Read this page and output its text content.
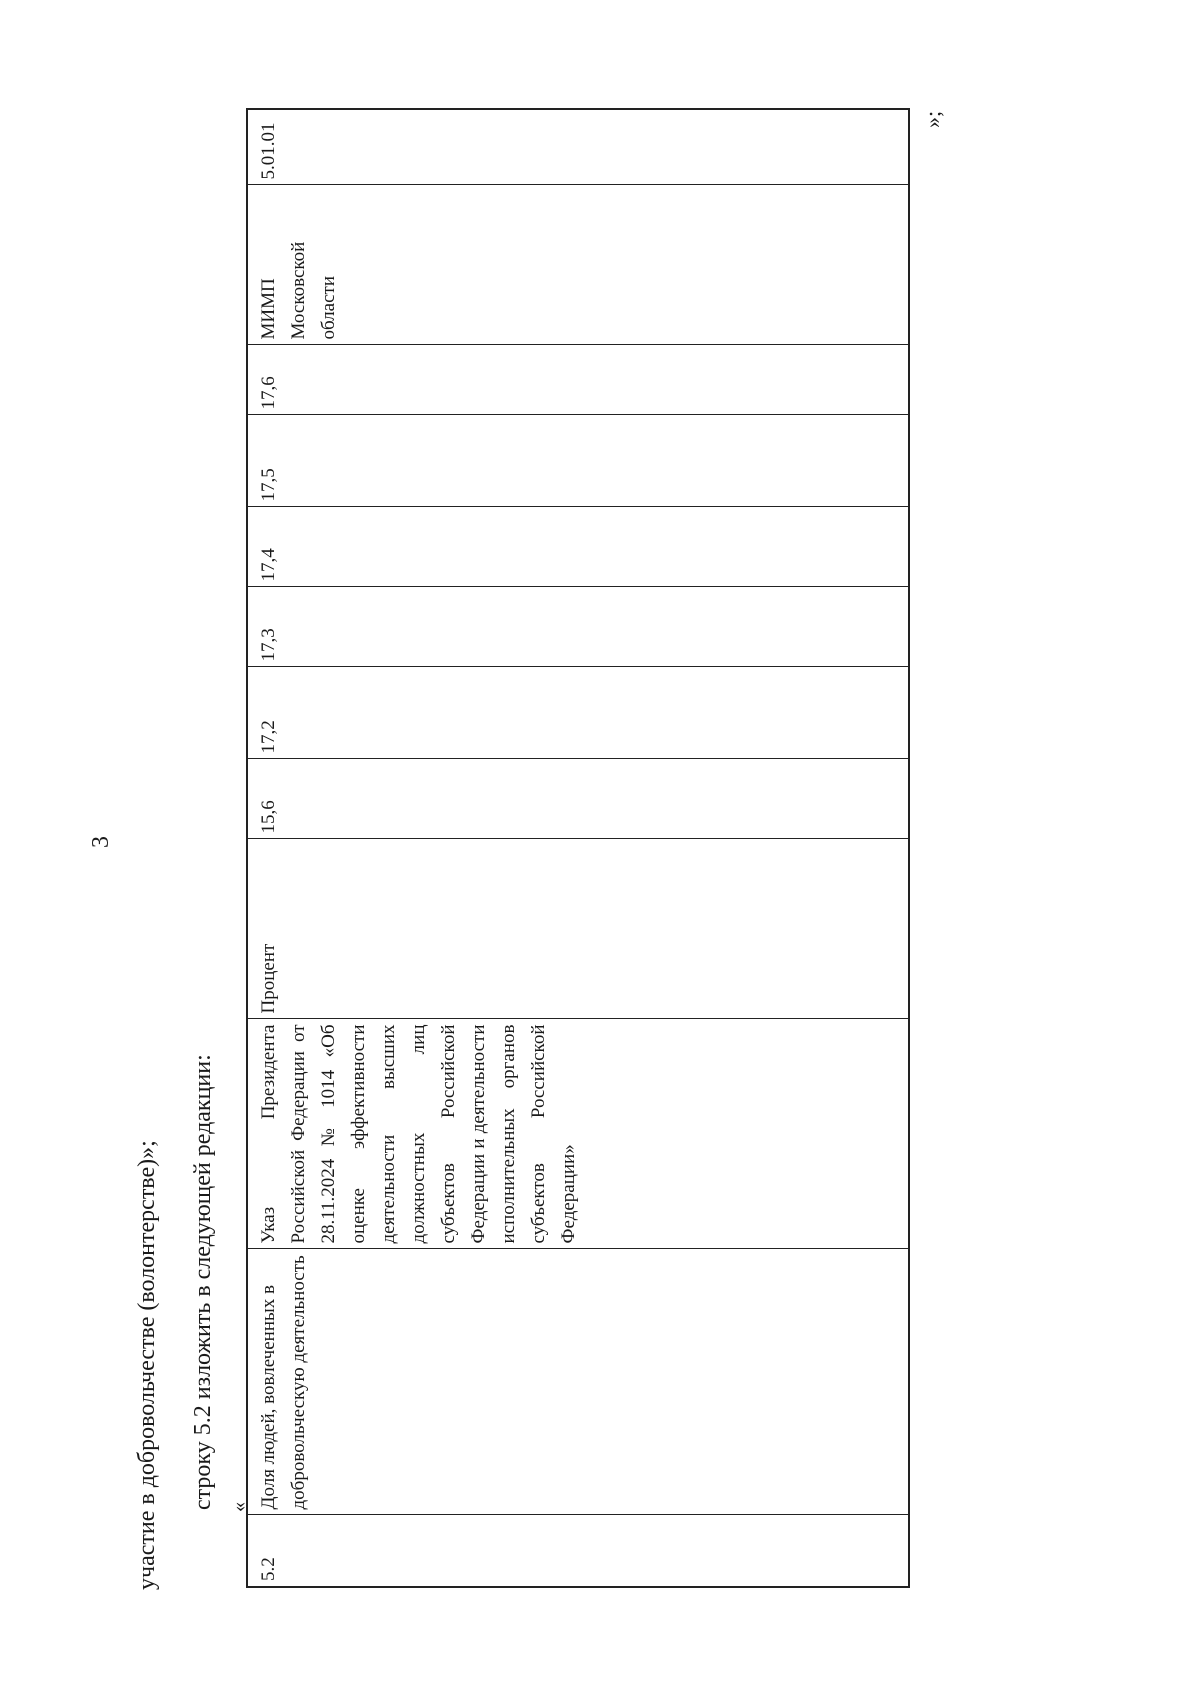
3
участие в добровольчестве (волонтерстве)»; строку 5.2 изложить в следующей редакции: «
5.2	Доля людей, вовлеченных в добровольческую деятельность	Указ Президента Российской Федерации от 28.11.2024 № 1014 «Об оценке эффективности деятельности высших должностных лиц субъектов Российской Федерации и деятельности исполнительных органов субъектов Российской Федерации»	Процент	15,6	17,2	17,3	17,4	17,5	17,6	МИМП Московской области	5.01.01
»;
